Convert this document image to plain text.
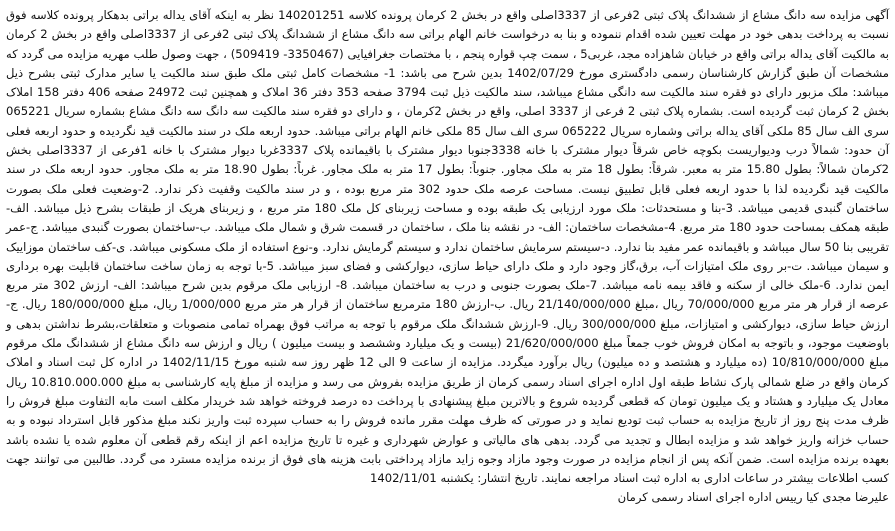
آگهی مزایده سه دانگ مشاع از ششدانگ پلاک ثبتی 2فرعی از 3337اصلی واقع در بخش 2 کرمان پرونده کلاسه 140201251 نظر به اینکه آقای یداله براتی بدهکار پرونده کلاسه فوق نسبت به پرداخت بدهی خود در مهلت تعیین شده اقدام ننموده و بنا به درخواست خانم الهام براتی سه دانگ مشاع از ششدانگ پلاک ثبتی 2فرعی از 3337اصلی واقع در بخش 2 کرمان به مالکیت آقای یداله براتی واقع در خیابان شاهزاده مجد، غربی5 ، سمت چپ قواره پنجم ، با مختصات جغرافیایی (3350467- 509419) ، جهت وصول طلب مهریه مزایده می گردد که مشخصات آن طبق گزارش کارشناسان رسمی دادگستری مورخ 1402/07/29 بدین شرح می باشد: 1- مشخصات کامل ثبتی ملک طبق سند مالکیت یا سایر مدارک ثبتی بشرح ذیل میباشد: ملک مزبور دارای دو فقره سند مالکیت سه دانگی مشاع میباشد، سند مالکیت ذیل ثبت 3794 صفحه 353 دفتر 36 املاک و همچنین ثبت 24972 صفحه 406 دفتر 158 املاک بخش 2 کرمان ثبت گردیده است. بشماره پلاک ثبتی 2 فرعی از 3337 اصلی، واقع در بخش 2کرمان ، و دارای دو فقره سند مالکیت سه دانگ سه دانگ مشاع بشماره سریال 065221 سری الف سال 85 ملکی آقای یداله براتی وشماره سریال 065222 سری الف سال 85 ملکی خانم الهام براتی میباشد. حدود اربعه ملک در سند مالکیت قید نگردیده و حدود اربعه فعلی آن حدود: شمالاً درب ودیواریست بکوچه خاص شرقاً دیوار مشترک با خانه 3338جنوبا دیوار مشترک با باقیمانده پلاک 3337غربا دیوار مشترک با خانه 1فرعی از 3337اصلی بخش 2کرمان شمالاً: بطول 15.80 متر به معبر. شرقاً: بطول 18 متر به ملک مجاور. جنوباً: بطول 17 متر به ملک مجاور. غرباً: بطول 18.90 متر به ملک مجاور. حدود اربعه ملک در سند مالکیت قید نگردیده لذا با حدود اربعه فعلی قابل تطبیق نیست. مساحت عرصه ملک حدود 302 متر مربع بوده ، و در سند مالکیت وقفیت ذکر ندارد. 2-وضعیت فعلی ملک بصورت ساختمان گنبدی قدیمی میباشد. 3-بنا و مستحدثات: ملک مورد ارزیابی یک طبقه بوده و مساحت زیربنای کل ملک 180 متر مربع ، و زیربنای هریک از طبقات بشرح ذیل میباشد. الف- طبقه همکف بمساحت حدود 180 متر مربع. 4-مشخصات ساختمان: الف- در نقشه بنا ملک ، ساختمان در قسمت شرق و شمال ملک میباشد. ب-ساختمان بصورت گنبدی میباشد. ج-عمر تقریبی بنا 50 سال میباشد و باقیمانده عمر مفید بنا ندارد. د-سیستم سرمایش ساختمان ندارد و سیستم گرمایش ندارد. و-نوع استفاده از ملک مسکونی میباشد. ی-کف ساختمان موزاییک و سیمان میباشد. ت-بر روی ملک امتیازات آب، برق،گاز وجود دارد و ملک دارای حیاط سازی، دیوارکشی و فضای سبز میباشد. 5-با توجه به زمان ساخت ساختمان قابلیت بهره برداری ایمن ندارد. 6-ملک خالی از سکنه و فاقد بیمه نامه میباشد. 7-ملک بصورت جنوبی و درب به ساختمان میباشد. 8- ارزیابی ملک مرقوم بدین شرح میباشد: الف- ارزش 302 متر مربع عرصه از قرار هر متر مربع 70/000/000 ریال ،مبلغ 21/140/000/000 ریال. ب-ارزش 180 مترمربع ساختمان از قرار هر متر مربع 1/000/000 ریال، مبلغ 180/000/000 ریال. ج-ارزش حیاط سازی، دیوارکشی و امتیازات، مبلغ 300/000/000 ریال. 9-ارزش ششدانگ ملک مرقوم با توجه به مراتب فوق بهمراه تمامی منصوبات و متعلقات،بشرط نداشتن بدهی و باوضعیت موجود، و باتوجه به امکان فروش خوب جمعاً مبلغ 21/620/000/000 (بیست و یک میلیارد وششصد و بیست میلیون ) ریال و ارزش سه دانگ مشاع از ششدانگ ملک مرقوم مبلغ 10/810/000/000 (ده میلیارد و هشتصد و ده میلیون) ریال برآورد میگردد. مزایده از ساعت 9 الی 12 ظهر روز سه شنبه مورخ 1402/11/15 در اداره کل ثبت اسناد و املاک کرمان واقع در ضلع شمالی پارک نشاط طبقه اول اداره اجرای اسناد رسمی کرمان از طریق مزایده بفروش می رسد و مزایده از مبلغ پایه کارشناسی به مبلغ 10.810.000.000 ریال معادل یک میلیارد و هشتاد و یک میلیون تومان که قطعی گردیده شروع و بالاترین مبلغ پیشنهادی با پرداخت ده درصد فروخته خواهد شد خریدار مکلف است مابه التفاوت مبلغ فروش را ظرف مدت پنج روز از تاریخ مزایده به حساب ثبت تودیع نماید و در صورتی که ظرف مهلت مقرر مانده فروش را به حساب سپرده ثبت واریز نکند مبلغ مذکور قابل استرداد نبوده و به حساب خزانه واریز خواهد شد و مزایده ابطال و تجدید می گردد. بدهی های مالیاتی و عوارض شهرداری و غیره تا تاریخ مزایده اعم از اینکه رقم قطعی آن معلوم شده یا نشده باشد بعهده برنده مزایده است. ضمن آنکه پس از انجام مزایده در صورت وجود مازاد وجوه زاید مازاد پرداختی بابت هزینه های فوق از برنده مزایده مسترد می گردد. طالبین می توانند جهت کسب اطلاعات بیشتر در ساعات اداری به اداره ثبت اسناد مراجعه نمایند. تاریخ انتشار: یکشنبه 1402/11/01

علیرضا مجدی کیا رییس اداره اجرای اسناد رسمی کرمان
